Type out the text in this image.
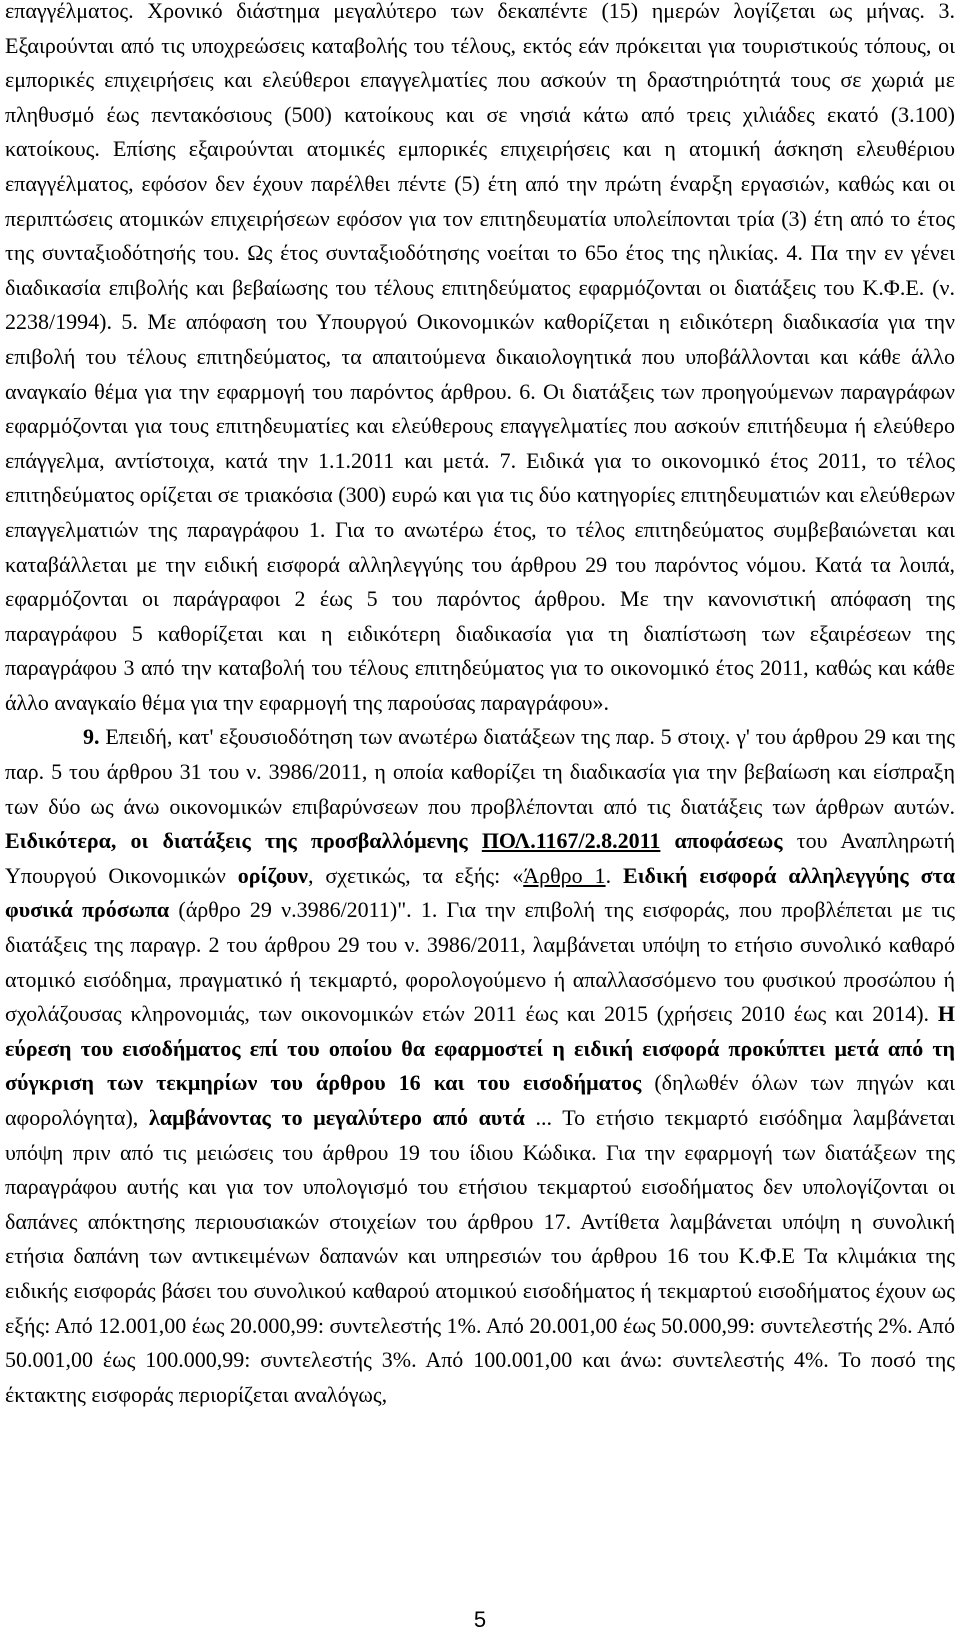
επαγγέλματος. Χρονικό διάστημα μεγαλύτερο των δεκαπέντε (15) ημερών λογίζεται ως μήνας. 3. Εξαιρούνται από τις υποχρεώσεις καταβολής του τέλους, εκτός εάν πρόκειται για τουριστικούς τόπους, οι εμπορικές επιχειρήσεις και ελεύθεροι επαγγελματίες που ασκούν τη δραστηριότητά τους σε χωριά με πληθυσμό έως πεντακόσιους (500) κατοίκους και σε νησιά κάτω από τρεις χιλιάδες εκατό (3.100) κατοίκους. Επίσης εξαιρούνται ατομικές εμπορικές επιχειρήσεις και η ατομική άσκηση ελευθέριου επαγγέλματος, εφόσον δεν έχουν παρέλθει πέντε (5) έτη από την πρώτη έναρξη εργασιών, καθώς και οι περιπτώσεις ατομικών επιχειρήσεων εφόσον για τον επιτηδευματία υπολείπονται τρία (3) έτη από το έτος της συνταξιοδότησής του. Ως έτος συνταξιοδότησης νοείται το 65ο έτος της ηλικίας. 4. Πα την εν γένει διαδικασία επιβολής και βεβαίωσης του τέλους επιτηδεύματος εφαρμόζονται οι διατάξεις του Κ.Φ.Ε. (ν. 2238/1994). 5. Με απόφαση του Υπουργού Οικονομικών καθορίζεται η ειδικότερη διαδικασία για την επιβολή του τέλους επιτηδεύματος, τα απαιτούμενα δικαιολογητικά που υποβάλλονται και κάθε άλλο αναγκαίο θέμα για την εφαρμογή του παρόντος άρθρου. 6. Οι διατάξεις των προηγούμενων παραγράφων εφαρμόζονται για τους επιτηδευματίες και ελεύθερους επαγγελματίες που ασκούν επιτήδευμα ή ελεύθερο επάγγελμα, αντίστοιχα, κατά την 1.1.2011 και μετά. 7. Ειδικά για το οικονομικό έτος 2011, το τέλος επιτηδεύματος ορίζεται σε τριακόσια (300) ευρώ και για τις δύο κατηγορίες επιτηδευματιών και ελεύθερων επαγγελματιών της παραγράφου 1. Για το ανωτέρω έτος, το τέλος επιτηδεύματος συμβεβαιώνεται και καταβάλλεται με την ειδική εισφορά αλληλεγγύης του άρθρου 29 του παρόντος νόμου. Κατά τα λοιπά, εφαρμόζονται οι παράγραφοι 2 έως 5 του παρόντος άρθρου. Με την κανονιστική απόφαση της παραγράφου 5 καθορίζεται και η ειδικότερη διαδικασία για τη διαπίστωση των εξαιρέσεων της παραγράφου 3 από την καταβολή του τέλους επιτηδεύματος για το οικονομικό έτος 2011, καθώς και κάθε άλλο αναγκαίο θέμα για την εφαρμογή της παρούσας παραγράφου».

9. Επειδή, κατ' εξουσιοδότηση των ανωτέρω διατάξεων της παρ. 5 στοιχ. γ' του άρθρου 29 και της παρ. 5 του άρθρου 31 του ν. 3986/2011, η οποία καθορίζει τη διαδικασία για την βεβαίωση και είσπραξη των δύο ως άνω οικονομικών επιβαρύνσεων που προβλέπονται από τις διατάξεις των άρθρων αυτών. Ειδικότερα, οι διατάξεις της προσβαλλόμενης ΠΟΛ.1167/2.8.2011 αποφάσεως του Αναπληρωτή Υπουργού Οικονομικών ορίζουν, σχετικώς, τα εξής: «Άρθρο 1. Ειδική εισφορά αλληλεγγύης στα φυσικά πρόσωπα (άρθρο 29 ν.3986/2011)". 1. Για την επιβολή της εισφοράς, που προβλέπεται με τις διατάξεις της παραγρ. 2 του άρθρου 29 του ν. 3986/2011, λαμβάνεται υπόψη το ετήσιο συνολικό καθαρό ατομικό εισόδημα, πραγματικό ή τεκμαρτό, φορολογούμενο ή απαλλασσόμενο του φυσικού προσώπου ή σχολάζουσας κληρονομιάς, των οικονομικών ετών 2011 έως και 2015 (χρήσεις 2010 έως και 2014). Η εύρεση του εισοδήματος επί του οποίου θα εφαρμοστεί η ειδική εισφορά προκύπτει μετά από τη σύγκριση των τεκμηρίων του άρθρου 16 και του εισοδήματος (δηλωθέν όλων των πηγών και αφορολόγητα), λαμβάνοντας το μεγαλύτερο από αυτά ... Το ετήσιο τεκμαρτό εισόδημα λαμβάνεται υπόψη πριν από τις μειώσεις του άρθρου 19 του ίδιου Κώδικα. Για την εφαρμογή των διατάξεων της παραγράφου αυτής και για τον υπολογισμό του ετήσιου τεκμαρτού εισοδήματος δεν υπολογίζονται οι δαπάνες απόκτησης περιουσιακών στοιχείων του άρθρου 17. Αντίθετα λαμβάνεται υπόψη η συνολική ετήσια δαπάνη των αντικειμένων δαπανών και υπηρεσιών του άρθρου 16 του Κ.Φ.Ε Τα κλιμάκια της ειδικής εισφοράς βάσει του συνολικού καθαρού ατομικού εισοδήματος ή τεκμαρτού εισοδήματος έχουν ως εξής: Από 12.001,00 έως 20.000,99: συντελεστής 1%. Από 20.001,00 έως 50.000,99: συντελεστής 2%. Από 50.001,00 έως 100.000,99: συντελεστής 3%. Από 100.001,00 και άνω: συντελεστής 4%. Το ποσό της έκτακτης εισφοράς περιορίζεται αναλόγως,

5
